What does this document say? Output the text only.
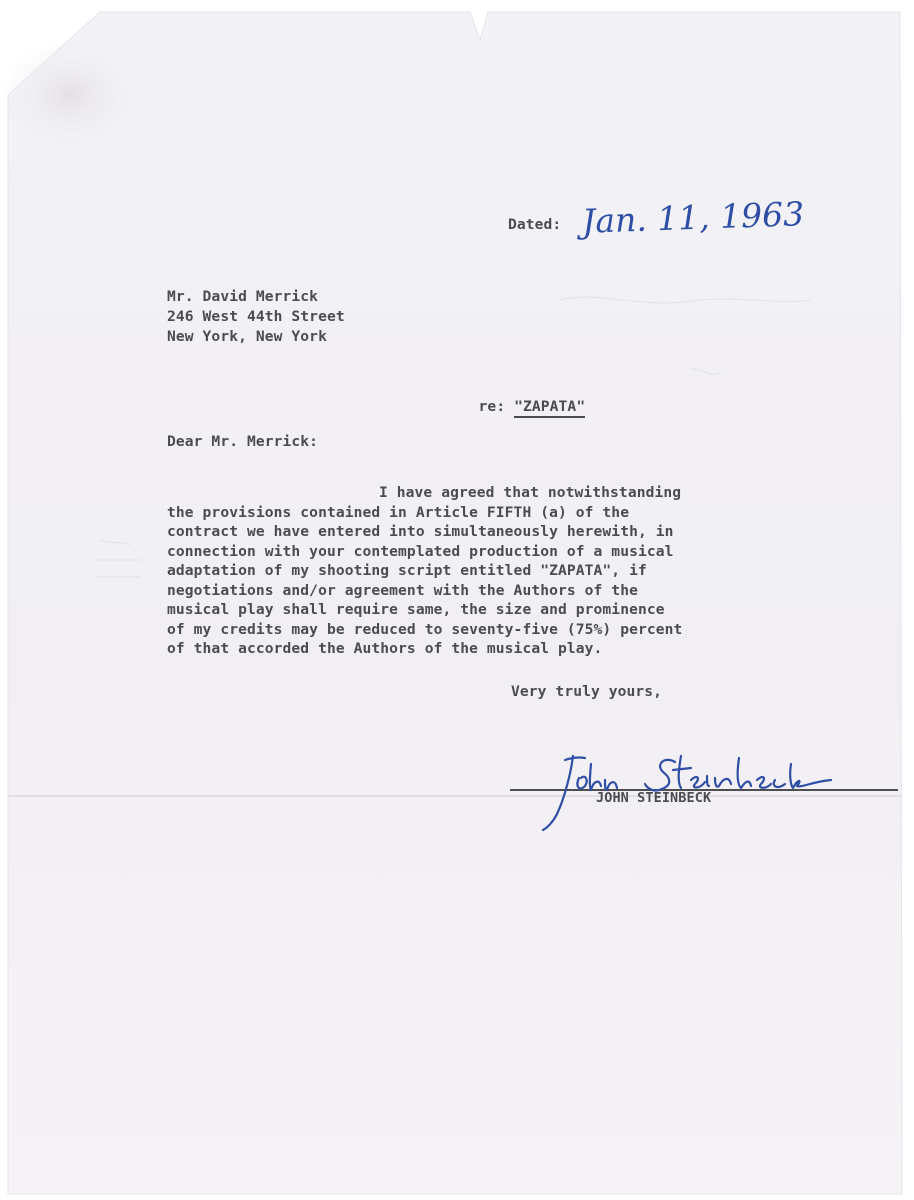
Dated: Jan. 11, 1963

Mr. David Merrick

246 West 44th Street

New York, New York

re: "ZAPATA"

Dear Mr. Merrick:

I have agreed that notwithstanding

the provisions contained in Article FIFTH (a) of the

contract we have entered into simultaneously herewith, in

connection with your contemplated production of a musical

adaptation of my shooting script entitled "ZAPATA", if

negotiations and/or agreement with the Authors of the

musical play shall require same, the size and prominence

of my credits may be reduced to seventy-five (75%) percent

of that accorded the Authors of the musical play.

Very truly yours,
JOHN STEINBECK
